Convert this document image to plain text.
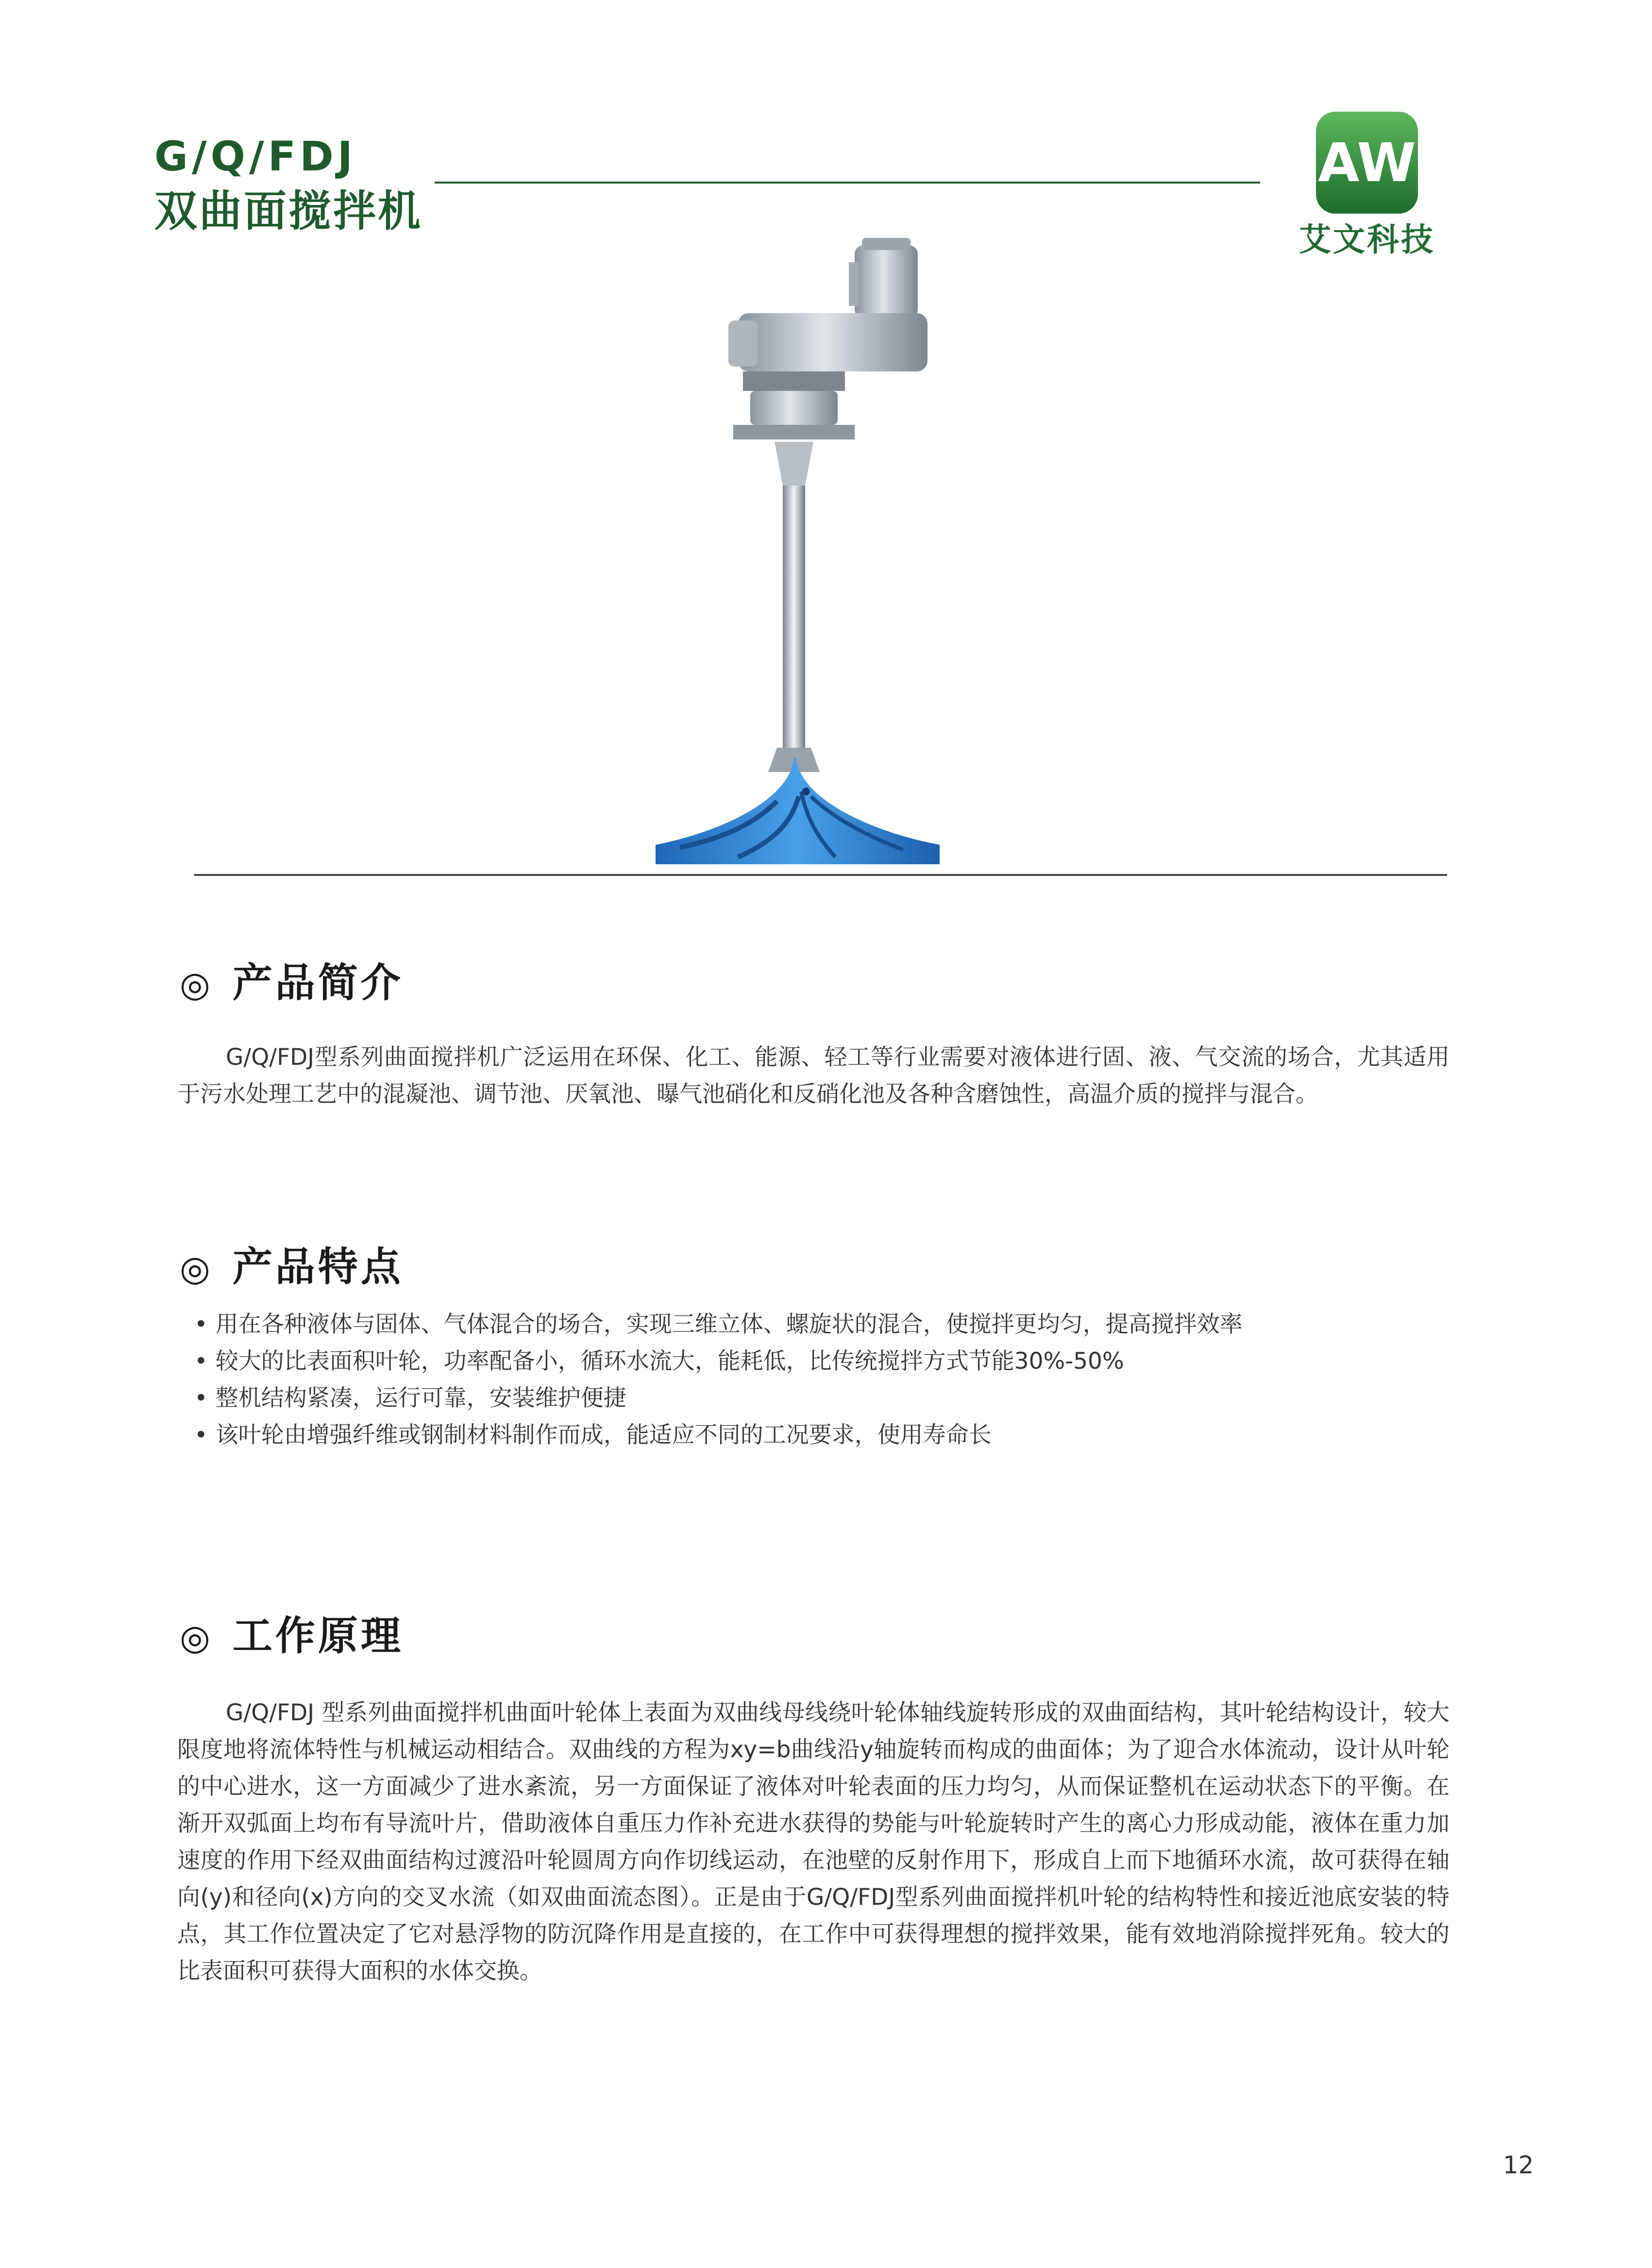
G/Q/FDJ
双曲面搅拌机
AW
艾文科技
◎ 产品简介
G/Q/FDJ型系列曲面搅拌机广泛运用在环保、化工、能源、轻工等行业需要对液体进行固、液、气交流的场合，尤其适用于污水处理工艺中的混凝池、调节池、厌氧池、曝气池硝化和反硝化池及各种含磨蚀性，高温介质的搅拌与混合。
◎ 产品特点
• 用在各种液体与固体、气体混合的场合，实现三维立体、螺旋状的混合，使搅拌更均匀，提高搅拌效率
• 较大的比表面积叶轮，功率配备小，循环水流大，能耗低，比传统搅拌方式节能30%-50%
• 整机结构紧凑，运行可靠，安装维护便捷
• 该叶轮由增强纤维或钢制材料制作而成，能适应不同的工况要求，使用寿命长
◎ 工作原理
G/Q/FDJ 型系列曲面搅拌机曲面叶轮体上表面为双曲线母线绕叶轮体轴线旋转形成的双曲面结构，其叶轮结构设计，较大限度地将流体特性与机械运动相结合。双曲线的方程为xy=b曲线沿y轴旋转而构成的曲面体；为了迎合水体流动，设计从叶轮的中心进水，这一方面减少了进水紊流，另一方面保证了液体对叶轮表面的压力均匀，从而保证整机在运动状态下的平衡。在渐开双弧面上均布有导流叶片，借助液体自重压力作补充进水获得的势能与叶轮旋转时产生的离心力形成动能，液体在重力加速度的作用下经双曲面结构过渡沿叶轮圆周方向作切线运动，在池壁的反射作用下，形成自上而下地循环水流，故可获得在轴向(y)和径向(x)方向的交叉水流（如双曲面流态图）。正是由于G/Q/FDJ型系列曲面搅拌机叶轮的结构特性和接近池底安装的特点，其工作位置决定了它对悬浮物的防沉降作用是直接的，在工作中可获得理想的搅拌效果，能有效地消除搅拌死角。较大的比表面积可获得大面积的水体交换。
12
